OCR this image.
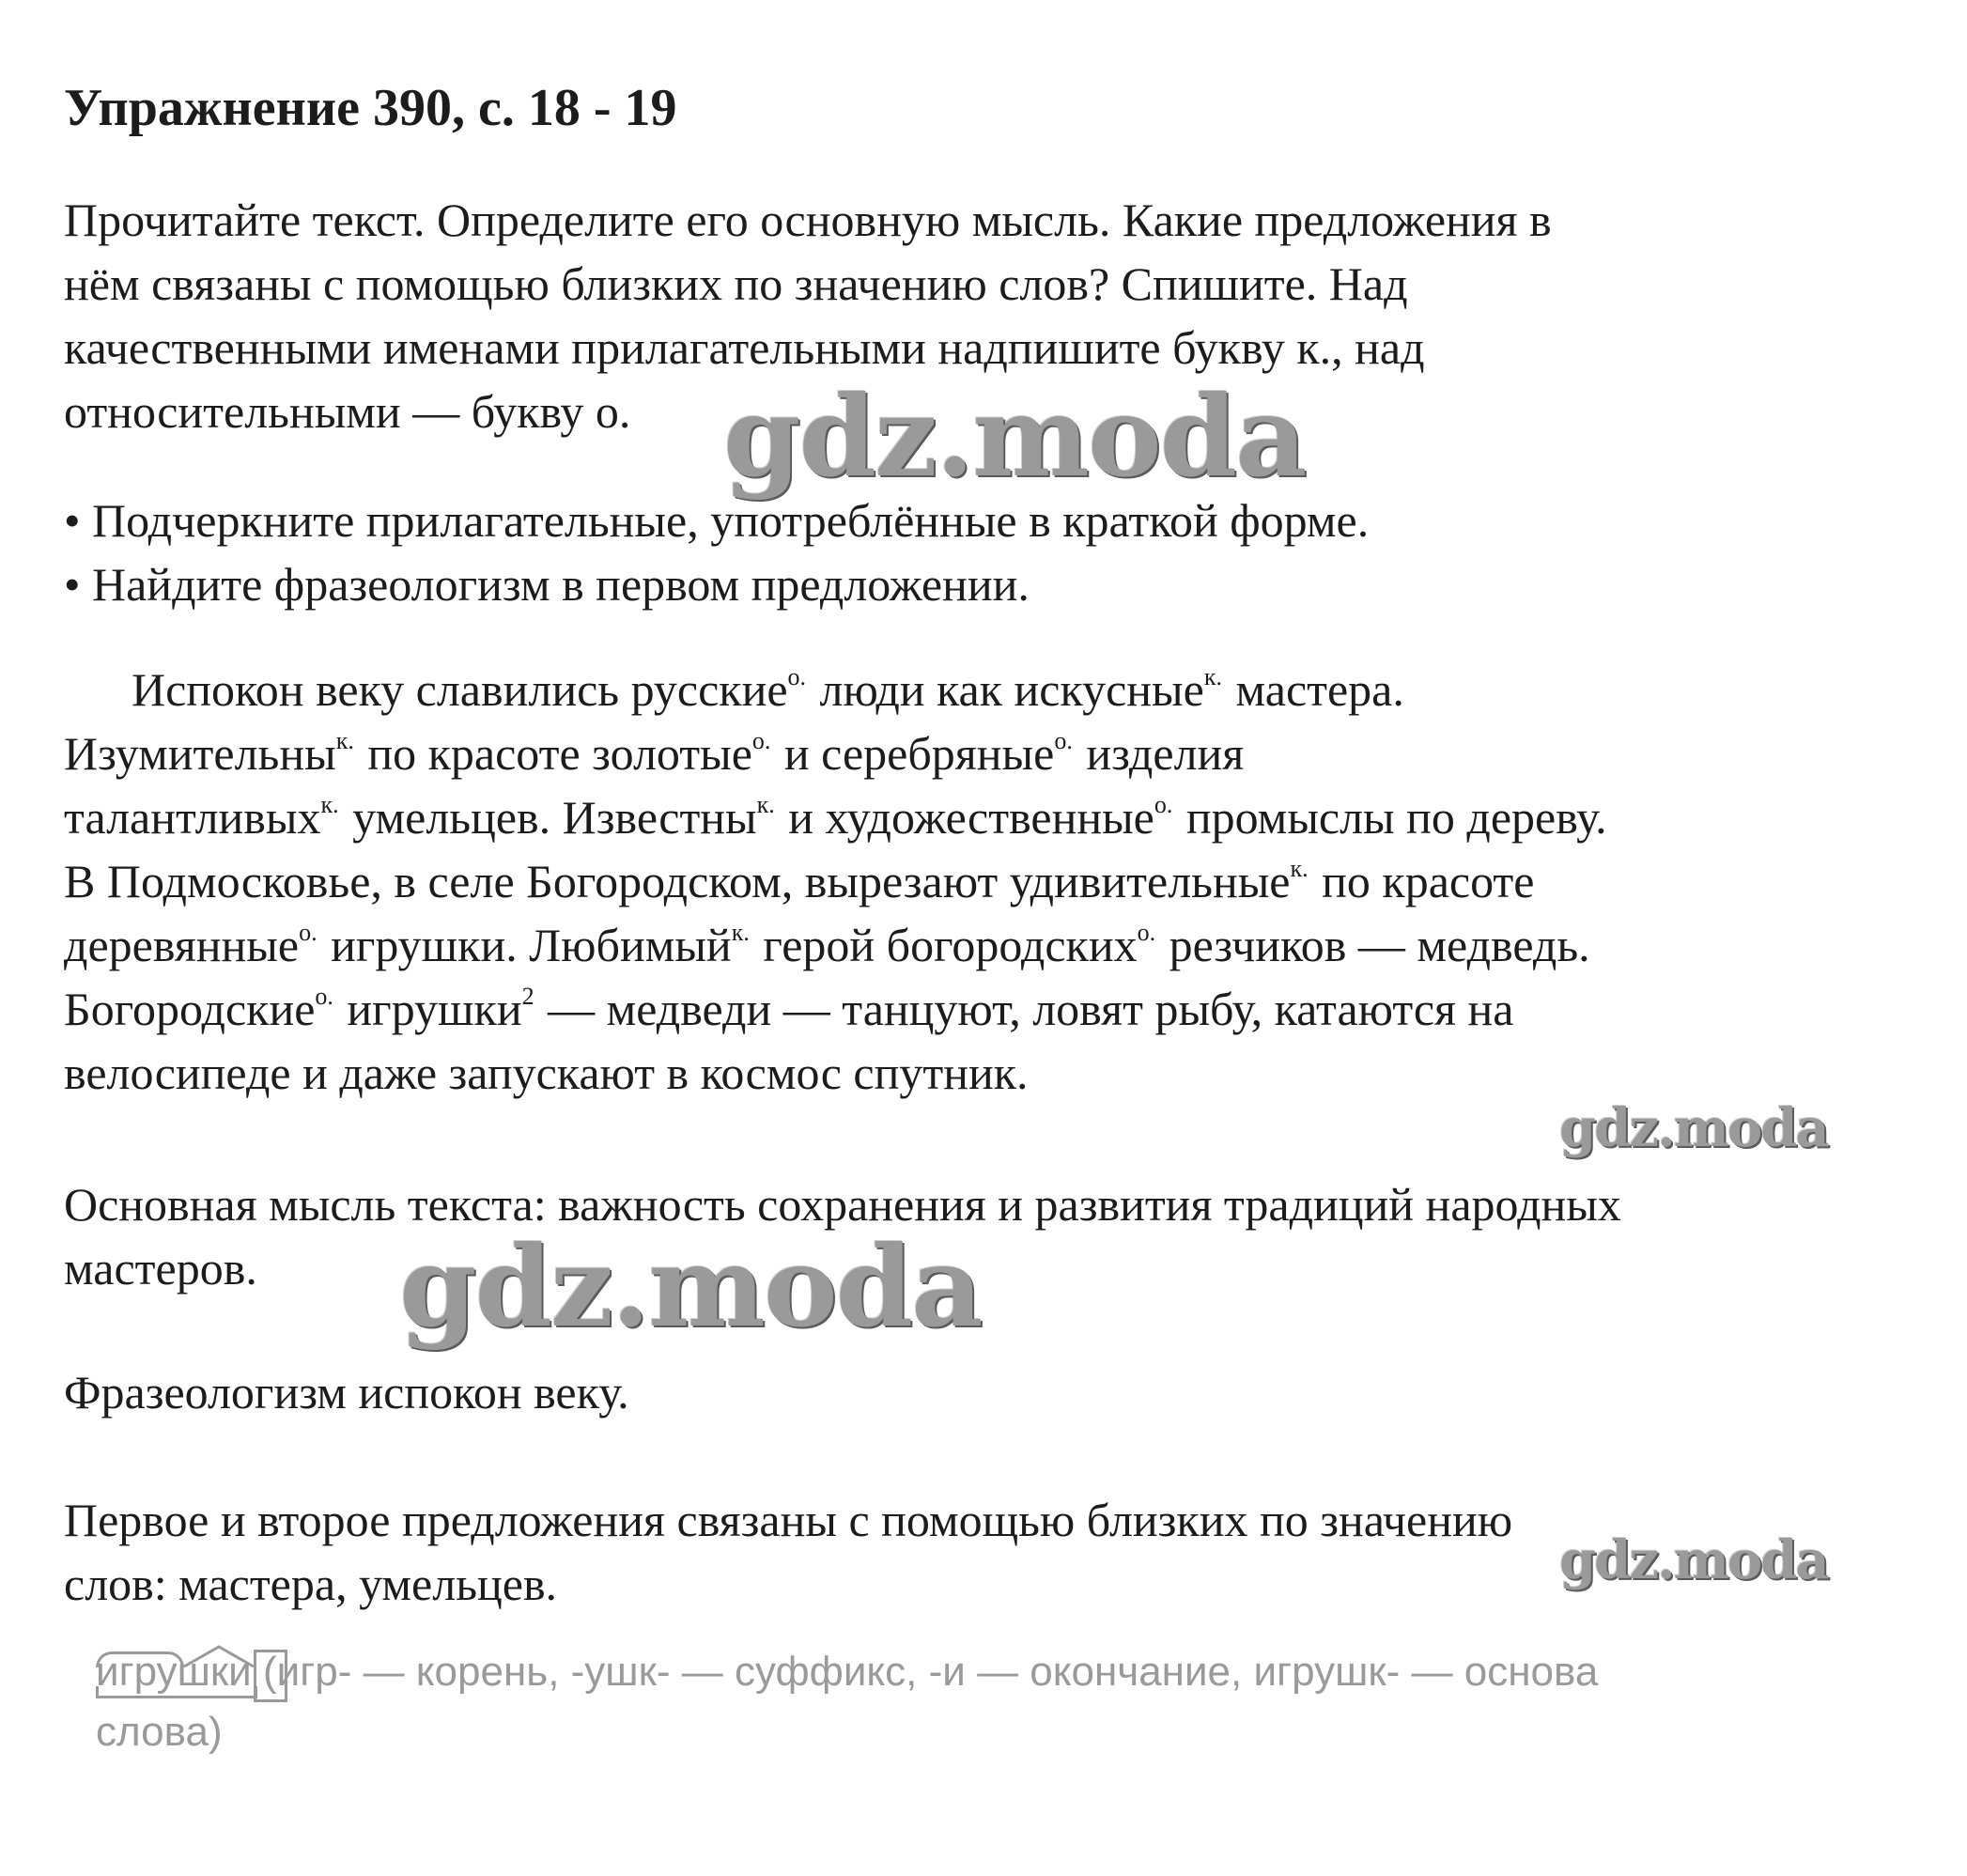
Упражнение 390, с. 18 - 19
Прочитайте текст. Определите его основную мысль. Какие предложения в
нём связаны с помощью близких по значению слов? Спишите. Над
качественными именами прилагательными надпишите букву к., над
относительными — букву о.
• Подчеркните прилагательные, употреблённые в краткой форме.
• Найдите фразеологизм в первом предложении.
Испокон веку славились русские$^{о.}$ люди как искусные$^{к.}$ мастера.
Изумительны$^{к.}$ по красоте золотые$^{о.}$ и серебряные$^{о.}$ изделия
талантливых$^{к.}$ умельцев. Известны$^{к.}$ и художественные$^{о.}$ промыслы по дереву.
В Подмосковье, в селе Богородском, вырезают удивительные$^{к.}$ по красоте
деревянные$^{о.}$ игрушки. Любимый$^{к.}$ герой богородских$^{о.}$ резчиков — медведь.
Богородские$^{о.}$ игрушки$^2$ — медведи — танцуют, ловят рыбу, катаются на
велосипеде и даже запускают в космос спутник.
Основная мысль текста: важность сохранения и развития традиций народных
мастеров.
Фразеологизм испокон веку.
Первое и второе предложения связаны с помощью близких по значению
слов: мастера, умельцев.
игрушки
(игр- — корень, -ушк- — суффикс, -и — окончание, игрушк- — основа
слова)
gdz.moda
gdz.moda
gdz.moda
gdz.moda
